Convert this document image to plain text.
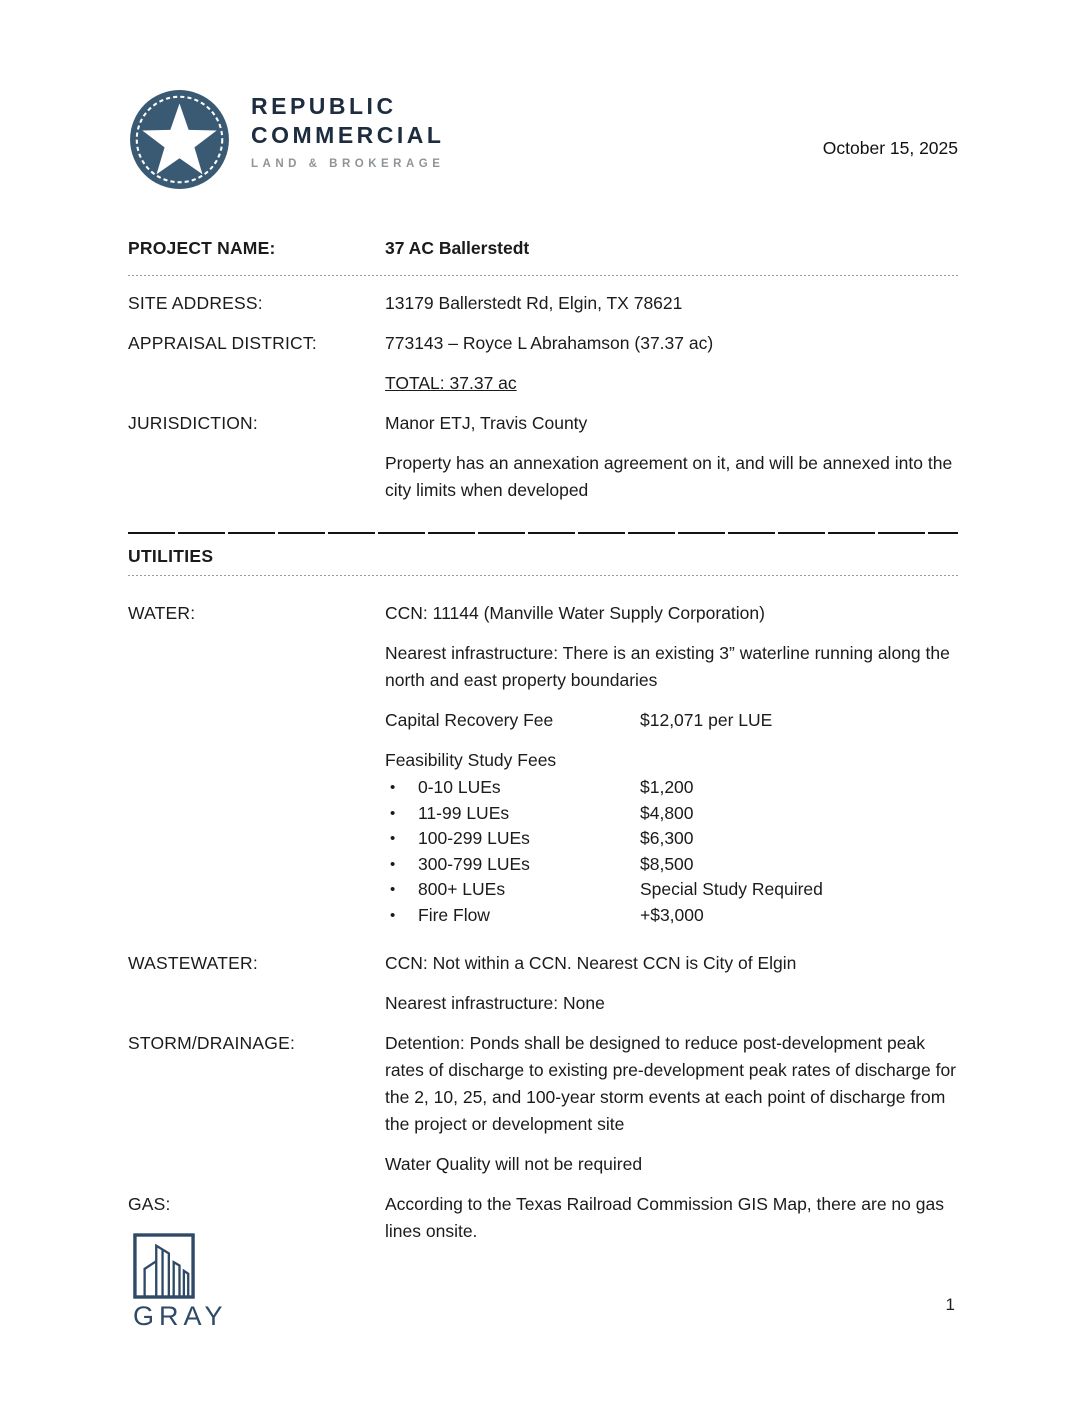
REPUBLIC
COMMERCIAL
LAND & BROKERAGE
October 15, 2025
PROJECT NAME:	37 AC Ballerstedt
SITE ADDRESS:	13179 Ballerstedt Rd, Elgin, TX 78621
APPRAISAL DISTRICT:	773143 – Royce L Abrahamson (37.37 ac)
TOTAL: 37.37 ac
JURISDICTION:	Manor ETJ, Travis County
Property has an annexation agreement on it, and will be annexed into the city limits when developed
UTILITIES
WATER:	CCN: 11144 (Manville Water Supply Corporation)
Nearest infrastructure: There is an existing 3” waterline running along the north and east property boundaries
Capital Recovery Fee	$12,071 per LUE
Feasibility Study Fees
•	0-10 LUEs	$1,200
•	11-99 LUEs	$4,800
•	100-299 LUEs	$6,300
•	300-799 LUEs	$8,500
•	800+ LUEs	Special Study Required
•	Fire Flow	+$3,000
WASTEWATER:	CCN: Not within a CCN. Nearest CCN is City of Elgin
Nearest infrastructure: None
STORM/DRAINAGE:	Detention: Ponds shall be designed to reduce post-development peak rates of discharge to existing pre-development peak rates of discharge for the 2, 10, 25, and 100-year storm events at each point of discharge from the project or development site
Water Quality will not be required
GAS:	According to the Texas Railroad Commission GIS Map, there are no gas lines onsite.
GRAY	1
